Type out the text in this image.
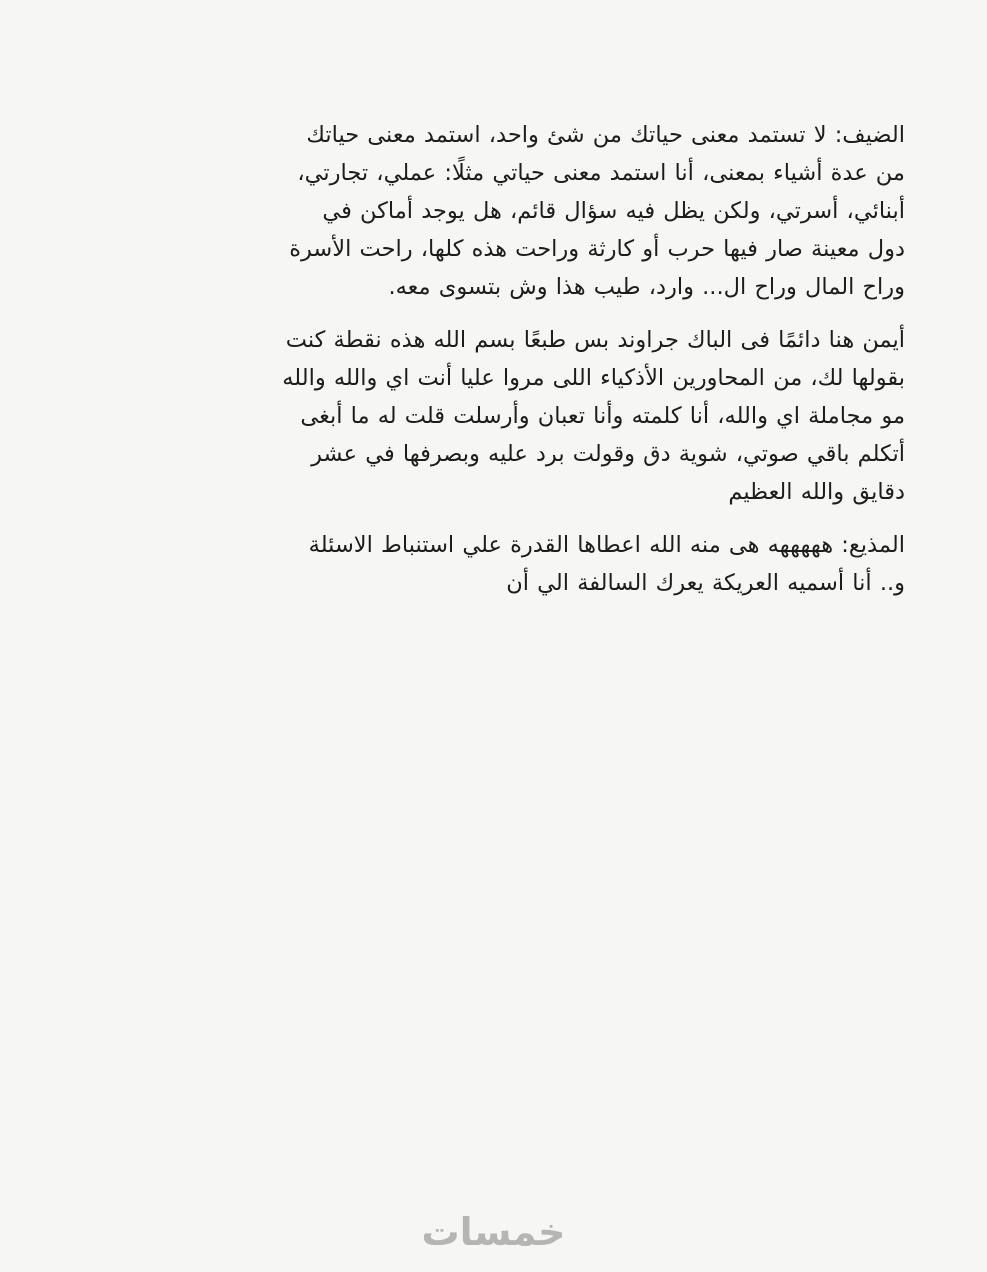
الضيف: لا تستمد معنى حياتك من شئ واحد، استمد معنى حياتك من عدة أشياء بمعنى، أنا استمد معنى حياتي مثلًا: عملي، تجارتي، أبنائي، أسرتي، ولكن يظل فيه سؤال قائم، هل يوجد أماكن في دول معينة صار فيها حرب أو كارثة وراحت هذه كلها، راحت الأسرة وراح المال وراح ال... وارد، طيب هذا وش بتسوى معه.

أيمن هنا دائمًا فى الباك جراوند بس طبعًا بسم الله هذه نقطة كنت بقولها لك، من المحاورين الأذكياء اللى مروا عليا أنت اي والله والله مو مجاملة اي والله، أنا كلمته وأنا تعبان وأرسلت قلت له ما أبغى أتكلم باقي صوتي، شوية دق وقولت برد عليه وبصرفها في عشر دقايق والله العظيم

المذيع: هههههه هى منه الله اعطاها القدرة علي استنباط الاسئلة و.. أنا أسميه العريكة يعرك السالفة الي أن

خمسات
